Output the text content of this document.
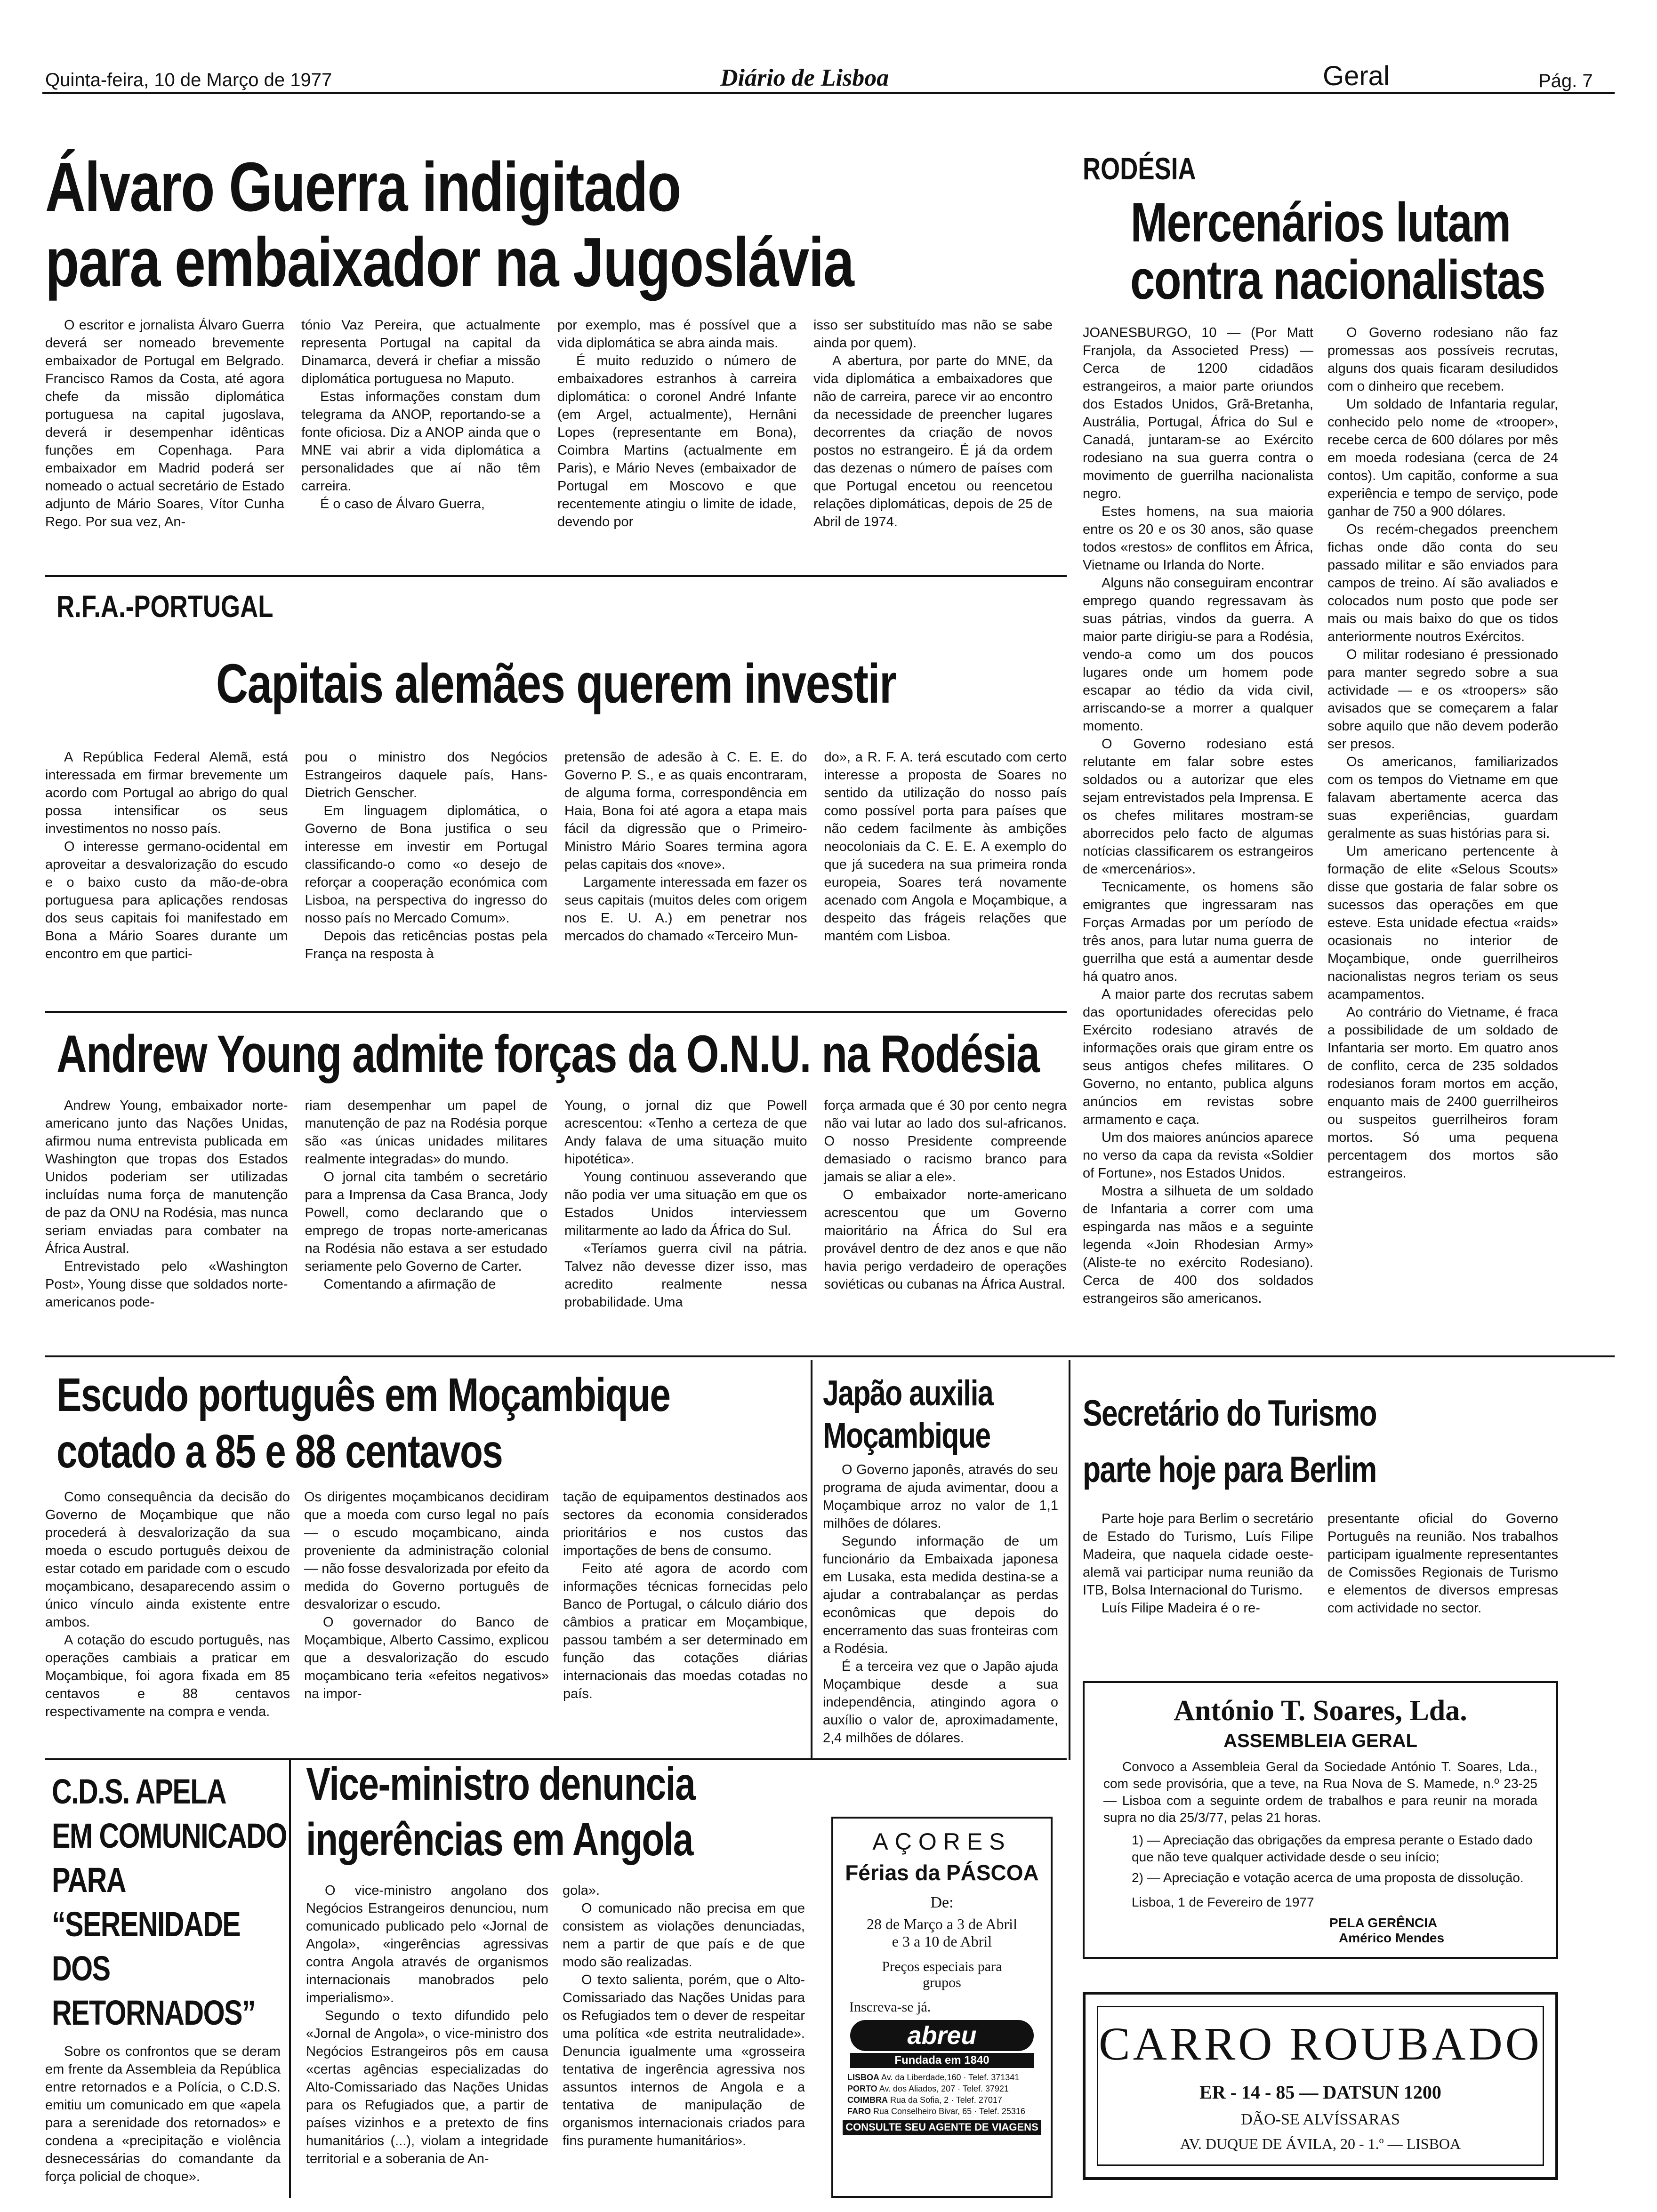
Quinta-feira, 10 de Março de 1977	Diário de Lisboa	Geral	Pág. 7
Álvaro Guerra indigitado
para embaixador na Jugoslávia

O escritor e jornalista Álvaro Guerra deverá ser nomeado brevemente embaixador de Portugal em Belgrado. Francisco Ramos da Costa, até agora chefe da missão diplomática portuguesa na capital jugoslava, deverá ir desempenhar idênticas funções em Copenhaga. Para embaixador em Madrid poderá ser nomeado o actual secretário de Estado adjunto de Mário Soares, Vítor Cunha Rego. Por sua vez, An-

tónio Vaz Pereira, que actualmente representa Portugal na capital da Dinamarca, deverá ir chefiar a missão diplomática portuguesa no Maputo.

Estas informações constam dum telegrama da ANOP, reportando-se a fonte oficiosa. Diz a ANOP ainda que o MNE vai abrir a vida diplomática a personalidades que aí não têm carreira.

É o caso de Álvaro Guerra,

por exemplo, mas é possível que a vida diplomática se abra ainda mais.

É muito reduzido o número de embaixadores estranhos à carreira diplomática: o coronel André Infante (em Argel, actualmente), Hernâni Lopes (representante em Bona), Coimbra Martins (actualmente em Paris), e Mário Neves (embaixador de Portugal em Moscovo e que recentemente atingiu o limite de idade, devendo por

isso ser substituído mas não se sabe ainda por quem).

A abertura, por parte do MNE, da vida diplomática a embaixadores que não de carreira, parece vir ao encontro da necessidade de preencher lugares decorrentes da criação de novos postos no estrangeiro. É já da ordem das dezenas o número de países com que Portugal encetou ou reencetou relações diplomáticas, depois de 25 de Abril de 1974.

RODÉSIA
Mercenários lutam
contra nacionalistas

JOANESBURGO, 10 — (Por Matt Franjola, da Associeted Press) — Cerca de 1200 cidadãos estrangeiros, a maior parte oriundos dos Estados Unidos, Grã-Bretanha, Austrália, Portugal, África do Sul e Canadá, juntaram-se ao Exército rodesiano na sua guerra contra o movimento de guerrilha nacionalista negro.

Estes homens, na sua maioria entre os 20 e os 30 anos, são quase todos «restos» de conflitos em África, Vietname ou Irlanda do Norte.

Alguns não conseguiram encontrar emprego quando regressavam às suas pátrias, vindos da guerra. A maior parte dirigiu-se para a Rodésia, vendo-a como um dos poucos lugares onde um homem pode escapar ao tédio da vida civil, arriscando-se a morrer a qualquer momento.

O Governo rodesiano está relutante em falar sobre estes soldados ou a autorizar que eles sejam entrevistados pela Imprensa. E os chefes militares mostram-se aborrecidos pelo facto de algumas notícias classificarem os estrangeiros de «mercenários».

Tecnicamente, os homens são emigrantes que ingressaram nas Forças Armadas por um período de três anos, para lutar numa guerra de guerrilha que está a aumentar desde há quatro anos.

A maior parte dos recrutas sabem das oportunidades oferecidas pelo Exército rodesiano através de informações orais que giram entre os seus antigos chefes militares. O Governo, no entanto, publica alguns anúncios em revistas sobre armamento e caça.

Um dos maiores anúncios aparece no verso da capa da revista «Soldier of Fortune», nos Estados Unidos.

Mostra a silhueta de um soldado de Infantaria a correr com uma espingarda nas mãos e a seguinte legenda «Join Rhodesian Army» (Aliste-te no exército Rodesiano). Cerca de 400 dos soldados estrangeiros são americanos.

O Governo rodesiano não faz promessas aos possíveis recrutas, alguns dos quais ficaram desiludidos com o dinheiro que recebem.

Um soldado de Infantaria regular, conhecido pelo nome de «trooper», recebe cerca de 600 dólares por mês em moeda rodesiana (cerca de 24 contos). Um capitão, conforme a sua experiência e tempo de serviço, pode ganhar de 750 a 900 dólares.

Os recém-chegados preenchem fichas onde dão conta do seu passado militar e são enviados para campos de treino. Aí são avaliados e colocados num posto que pode ser mais ou mais baixo do que os tidos anteriormente noutros Exércitos.

O militar rodesiano é pressionado para manter segredo sobre a sua actividade — e os «troopers» são avisados que se começarem a falar sobre aquilo que não devem poderão ser presos.

Os americanos, familiarizados com os tempos do Vietname em que falavam abertamente acerca das suas experiências, guardam geralmente as suas histórias para si.

Um americano pertencente à formação de elite «Selous Scouts» disse que gostaria de falar sobre os sucessos das operações em que esteve. Esta unidade efectua «raids» ocasionais no interior de Moçambique, onde guerrilheiros nacionalistas negros teriam os seus acampamentos.

Ao contrário do Vietname, é fraca a possibilidade de um soldado de Infantaria ser morto. Em quatro anos de conflito, cerca de 235 soldados rodesianos foram mortos em acção, enquanto mais de 2400 guerrilheiros ou suspeitos guerrilheiros foram mortos. Só uma pequena percentagem dos mortos são estrangeiros.

R.F.A.-PORTUGAL
Capitais alemães querem investir

A República Federal Alemã, está interessada em firmar brevemente um acordo com Portugal ao abrigo do qual possa intensificar os seus investimentos no nosso país.

O interesse germano-ocidental em aproveitar a desvalorização do escudo e o baixo custo da mão-de-obra portuguesa para aplicações rendosas dos seus capitais foi manifestado em Bona a Mário Soares durante um encontro em que partici-

pou o ministro dos Negócios Estrangeiros daquele país, Hans-Dietrich Genscher.

Em linguagem diplomática, o Governo de Bona justifica o seu interesse em investir em Portugal classificando-o como «o desejo de reforçar a cooperação económica com Lisboa, na perspectiva do ingresso do nosso país no Mercado Comum».

Depois das reticências postas pela França na resposta à

pretensão de adesão à C. E. E. do Governo P. S., e as quais encontraram, de alguma forma, correspondência em Haia, Bona foi até agora a etapa mais fácil da digressão que o Primeiro-Ministro Mário Soares termina agora pelas capitais dos «nove».

Largamente interessada em fazer os seus capitais (muitos deles com origem nos E. U. A.) em penetrar nos mercados do chamado «Terceiro Mun-

do», a R. F. A. terá escutado com certo interesse a proposta de Soares no sentido da utilização do nosso país como possível porta para países que não cedem facilmente às ambições neocoloniais da C. E. E. A exemplo do que já sucedera na sua primeira ronda europeia, Soares terá novamente acenado com Angola e Moçambique, a despeito das frágeis relações que mantém com Lisboa.

Andrew Young admite forças da O.N.U. na Rodésia

Andrew Young, embaixador norte-americano junto das Nações Unidas, afirmou numa entrevista publicada em Washington que tropas dos Estados Unidos poderiam ser utilizadas incluídas numa força de manutenção de paz da ONU na Rodésia, mas nunca seriam enviadas para combater na África Austral.

Entrevistado pelo «Washington Post», Young disse que soldados norte-americanos pode-

riam desempenhar um papel de manutenção de paz na Rodésia porque são «as únicas unidades militares realmente integradas» do mundo.

O jornal cita também o secretário para a Imprensa da Casa Branca, Jody Powell, como declarando que o emprego de tropas norte-americanas na Rodésia não estava a ser estudado seriamente pelo Governo de Carter.

Comentando a afirmação de

Young, o jornal diz que Powell acrescentou: «Tenho a certeza de que Andy falava de uma situação muito hipotética».

Young continuou asseverando que não podia ver uma situação em que os Estados Unidos interviessem militarmente ao lado da África do Sul.

«Teríamos guerra civil na pátria. Talvez não devesse dizer isso, mas acredito realmente nessa probabilidade. Uma

força armada que é 30 por cento negra não vai lutar ao lado dos sul-africanos. O nosso Presidente compreende demasiado o racismo branco para jamais se aliar a ele».

O embaixador norte-americano acrescentou que um Governo maioritário na África do Sul era provável dentro de dez anos e que não havia perigo verdadeiro de operações soviéticas ou cubanas na África Austral.

Escudo português em Moçambique
cotado a 85 e 88 centavos

Como consequência da decisão do Governo de Moçambique que não procederá à desvalorização da sua moeda o escudo português deixou de estar cotado em paridade com o escudo moçambicano, desaparecendo assim o único vínculo ainda existente entre ambos.

A cotação do escudo português, nas operações cambiais a praticar em Moçambique, foi agora fixada em 85 centavos e 88 centavos respectivamente na compra e venda.

Os dirigentes moçambicanos decidiram que a moeda com curso legal no país — o escudo moçambicano, ainda proveniente da administração colonial — não fosse desvalorizada por efeito da medida do Governo português de desvalorizar o escudo.

O governador do Banco de Moçambique, Alberto Cassimo, explicou que a desvalorização do escudo moçambicano teria «efeitos negativos» na impor-

tação de equipamentos destinados aos sectores da economia considerados prioritários e nos custos das importações de bens de consumo.

Feito até agora de acordo com informações técnicas fornecidas pelo Banco de Portugal, o cálculo diário dos câmbios a praticar em Moçambique, passou também a ser determinado em função das cotações diárias internacionais das moedas cotadas no país.

Japão auxilia
Moçambique

O Governo japonês, através do seu programa de ajuda avimentar, doou a Moçambique arroz no valor de 1,1 milhões de dólares.

Segundo informação de um funcionário da Embaixada japonesa em Lusaka, esta medida destina-se a ajudar a contrabalançar as perdas econômicas que depois do encerramento das suas fronteiras com a Rodésia.

É a terceira vez que o Japão ajuda Moçambique desde a sua independência, atingindo agora o auxílio o valor de, aproximadamente, 2,4 milhões de dólares.

Secretário do Turismo
parte hoje para Berlim

Parte hoje para Berlim o secretário de Estado do Turismo, Luís Filipe Madeira, que naquela cidade oeste-alemã vai participar numa reunião da ITB, Bolsa Internacional do Turismo.

Luís Filipe Madeira é o re-

presentante oficial do Governo Português na reunião. Nos trabalhos participam igualmente representantes de Comissões Regionais de Turismo e elementos de diversos empresas com actividade no sector.

António T. Soares, Lda.
ASSEMBLEIA GERAL
Convoco a Assembleia Geral da Sociedade António T. Soares, Lda., com sede provisória, que a teve, na Rua Nova de S. Mamede, n.º 23-25 — Lisboa com a seguinte ordem de trabalhos e para reunir na morada supra no dia 25/3/77, pelas 21 horas.
1) — Apreciação das obrigações da empresa perante o Estado dado que não teve qualquer actividade desde o seu início;
2) — Apreciação e votação acerca de uma proposta de dissolução.
Lisboa, 1 de Fevereiro de 1977
PELA GERÊNCIA
Américo Mendes
CARRO ROUBADO
ER - 14 - 85 — DATSUN 1200
DÃO-SE ALVÍSSARAS
AV. DUQUE DE ÁVILA, 20 - 1.º — LISBOA
C.D.S. APELA
EM COMUNICADO
PARA
“SERENIDADE
DOS
RETORNADOS”

Sobre os confrontos que se deram em frente da Assembleia da República entre retornados e a Polícia, o C.D.S. emitiu um comunicado em que «apela para a serenidade dos retornados» e condena a «precipitação e violência desnecessárias do comandante da força policial de choque».

Vice-ministro denuncia
ingerências em Angola

O vice-ministro angolano dos Negócios Estrangeiros denunciou, num comunicado publicado pelo «Jornal de Angola», «ingerências agressivas contra Angola através de organismos internacionais manobrados pelo imperialismo».

Segundo o texto difundido pelo «Jornal de Angola», o vice-ministro dos Negócios Estrangeiros pôs em causa «certas agências especializadas do Alto-Comissariado das Nações Unidas para os Refugiados que, a partir de países vizinhos e a pretexto de fins humanitários (...), violam a integridade territorial e a soberania de An-

gola».

O comunicado não precisa em que consistem as violações denunciadas, nem a partir de que país e de que modo são realizadas.

O texto salienta, porém, que o Alto-Comissariado das Nações Unidas para os Refugiados tem o dever de respeitar uma política «de estrita neutralidade». Denuncia igualmente uma «grosseira tentativa de ingerência agressiva nos assuntos internos de Angola e a tentativa de manipulação de organismos internacionais criados para fins puramente humanitários».

AÇORES
Férias da PÁSCOA
De:
28 de Março a 3 de Abril
e 3 a 10 de Abril
Preços especiais para
grupos
Inscreva-se já.
abreu
Fundada em 1840
LISBOA Av. da Liberdade,160 · Telef. 371341
PORTO Av. dos Aliados, 207 · Telef. 37921
COIMBRA Rua da Sofia, 2 · Telef. 27017
FARO Rua Conselheiro Bivar, 65 · Telef. 25316
CONSULTE SEU AGENTE DE VIAGENS
